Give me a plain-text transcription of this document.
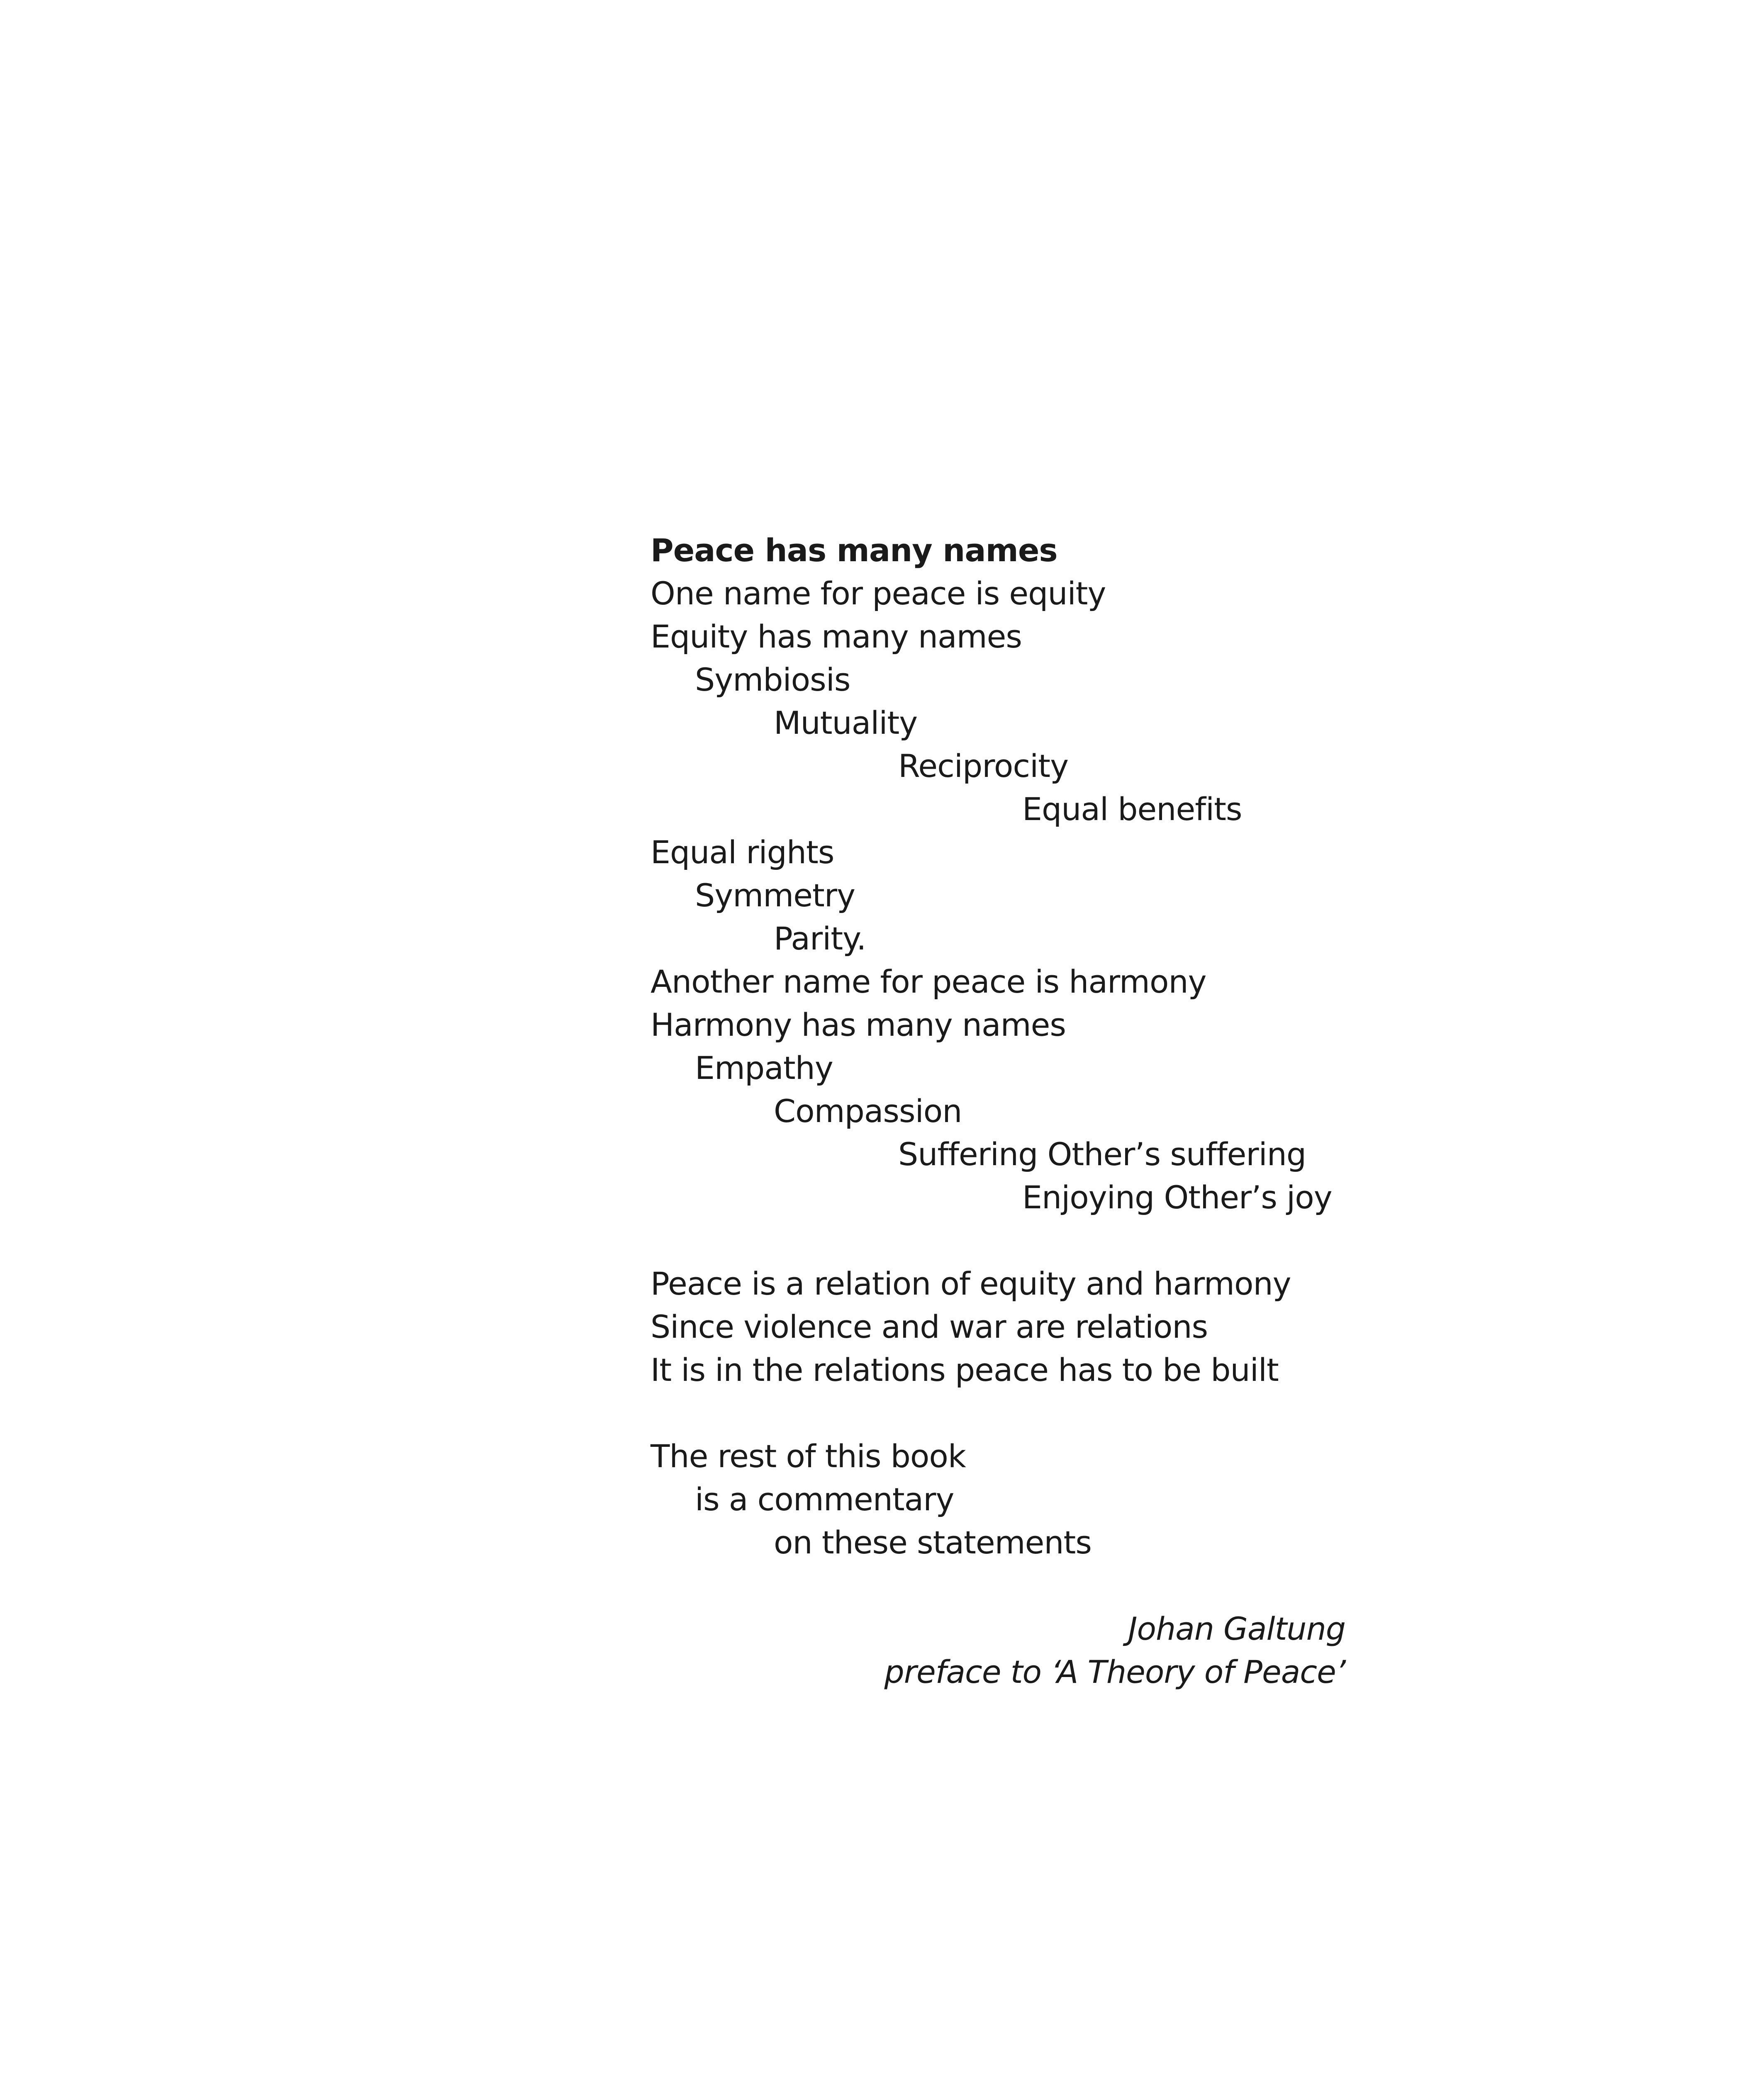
Peace has many names
One name for peace is equity
Equity has many names
Symbiosis
Mutuality
Reciprocity
Equal benefits
Equal rights
Symmetry
Parity.
Another name for peace is harmony
Harmony has many names
Empathy
Compassion
Suffering Other’s suffering
Enjoying Other’s joy
Peace is a relation of equity and harmony
Since violence and war are relations
It is in the relations peace has to be built
The rest of this book
is a commentary
on these statements
Johan Galtung
preface to ‘A Theory of Peace’
